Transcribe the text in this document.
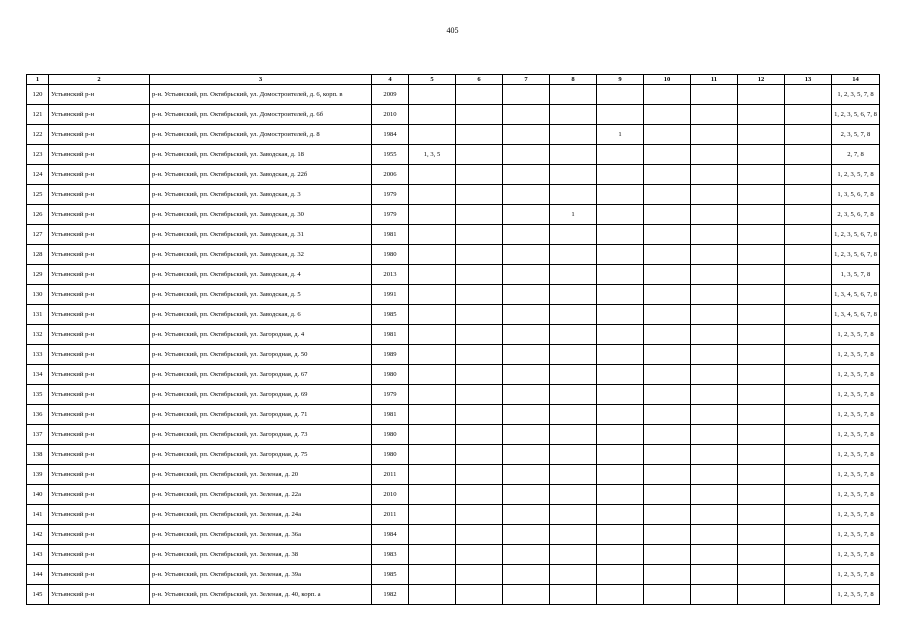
405
1	2	3	4	5	6	7	8	9	10	11	12	13	14
120	Устьянский р-н	р-н. Устьянский, рп. Октябрьский, ул. Домостроителей, д. 6, корп. в	2009										1, 2, 3, 5, 7, 8
121	Устьянский р-н	р-н. Устьянский, рп. Октябрьский, ул. Домостроителей, д. 6б	2010										1, 2, 3, 5, 6, 7, 8
122	Устьянский р-н	р-н. Устьянский, рп. Октябрьский, ул. Домостроителей, д. 8	1984					1					2, 3, 5, 7, 8
123	Устьянский р-н	р-н. Устьянский, рп. Октябрьский, ул. Заводская, д. 18	1955	1, 3, 5									2, 7, 8
124	Устьянский р-н	р-н. Устьянский, рп. Октябрьский, ул. Заводская, д. 22б	2006										1, 2, 3, 5, 7, 8
125	Устьянский р-н	р-н. Устьянский, рп. Октябрьский, ул. Заводская, д. 3	1979										1, 3, 5, 6, 7, 8
126	Устьянский р-н	р-н. Устьянский, рп. Октябрьский, ул. Заводская, д. 30	1979				1						2, 3, 5, 6, 7, 8
127	Устьянский р-н	р-н. Устьянский, рп. Октябрьский, ул. Заводская, д. 31	1981										1, 2, 3, 5, 6, 7, 8
128	Устьянский р-н	р-н. Устьянский, рп. Октябрьский, ул. Заводская, д. 32	1980										1, 2, 3, 5, 6, 7, 8
129	Устьянский р-н	р-н. Устьянский, рп. Октябрьский, ул. Заводская, д. 4	2013										1, 3, 5, 7, 8
130	Устьянский р-н	р-н. Устьянский, рп. Октябрьский, ул. Заводская, д. 5	1991										1, 3, 4, 5, 6, 7, 8
131	Устьянский р-н	р-н. Устьянский, рп. Октябрьский, ул. Заводская, д. 6	1985										1, 3, 4, 5, 6, 7, 8
132	Устьянский р-н	р-н. Устьянский, рп. Октябрьский, ул. Загородная, д. 4	1981										1, 2, 3, 5, 7, 8
133	Устьянский р-н	р-н. Устьянский, рп. Октябрьский, ул. Загородная, д. 50	1989										1, 2, 3, 5, 7, 8
134	Устьянский р-н	р-н. Устьянский, рп. Октябрьский, ул. Загородная, д. 67	1980										1, 2, 3, 5, 7, 8
135	Устьянский р-н	р-н. Устьянский, рп. Октябрьский, ул. Загородная, д. 69	1979										1, 2, 3, 5, 7, 8
136	Устьянский р-н	р-н. Устьянский, рп. Октябрьский, ул. Загородная, д. 71	1981										1, 2, 3, 5, 7, 8
137	Устьянский р-н	р-н. Устьянский, рп. Октябрьский, ул. Загородная, д. 73	1980										1, 2, 3, 5, 7, 8
138	Устьянский р-н	р-н. Устьянский, рп. Октябрьский, ул. Загородная, д. 75	1980										1, 2, 3, 5, 7, 8
139	Устьянский р-н	р-н. Устьянский, рп. Октябрьский, ул. Зеленая, д. 20	2011										1, 2, 3, 5, 7, 8
140	Устьянский р-н	р-н. Устьянский, рп. Октябрьский, ул. Зеленая, д. 22а	2010										1, 2, 3, 5, 7, 8
141	Устьянский р-н	р-н. Устьянский, рп. Октябрьский, ул. Зеленая, д. 24а	2011										1, 2, 3, 5, 7, 8
142	Устьянский р-н	р-н. Устьянский, рп. Октябрьский, ул. Зеленая, д. 36а	1984										1, 2, 3, 5, 7, 8
143	Устьянский р-н	р-н. Устьянский, рп. Октябрьский, ул. Зеленая, д. 38	1983										1, 2, 3, 5, 7, 8
144	Устьянский р-н	р-н. Устьянский, рп. Октябрьский, ул. Зеленая, д. 39а	1985										1, 2, 3, 5, 7, 8
145	Устьянский р-н	р-н. Устьянский, рп. Октябрьский, ул. Зеленая, д. 40, корп. а	1982										1, 2, 3, 5, 7, 8
